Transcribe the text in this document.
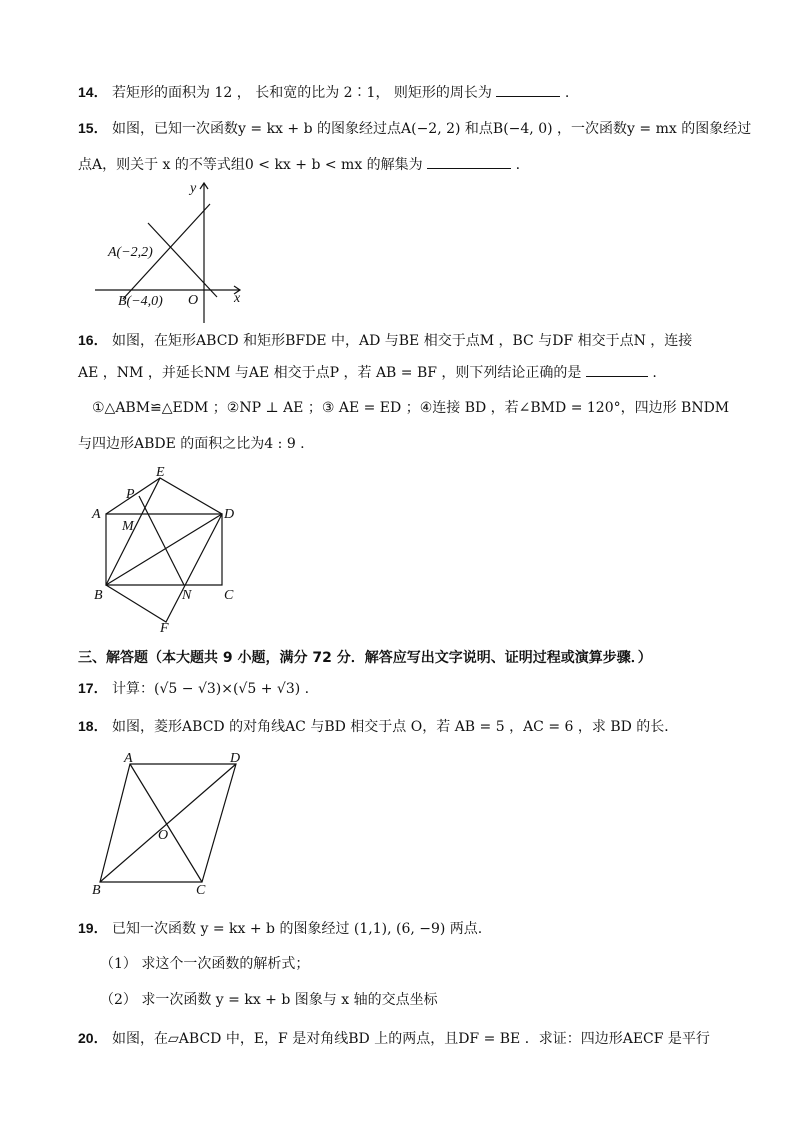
14． 若矩形的面积为 12 ， 长和宽的比为 2∶1， 则矩形的周长为	.
15． 如图，已知一次函数y = kx + b 的图象经过点A(−2, 2) 和点B(−4, 0) ，一次函数y = mx 的图象经过
点A，则关于 x 的不等式组0 < kx + b < mx 的解集为	.
A(−2,2)
B(−4,0) O	x
y
16． 如图，在矩形ABCD 和矩形BFDE 中，AD 与BE 相交于点M ，BC 与DF 相交于点N ，连接
AE ，NM ，并延长NM 与AE 相交于点P ，若 AB = BF ，则下列结论正确的是	.
①△ABM≌△EDM ；②NP ⊥ AE ；③ AE = ED ；④连接 BD ，若∠BMD = 120°，四边形 BNDM
与四边形ABDE 的面积之比为4 : 9 .
A
B	C
D
E
F
M
N
P
三、解答题（本大题共 9 小题，满分 72 分．解答应写出文字说明、证明过程或演算步骤．）
17． 计算：(√5 − √3)×(√5 + √3) .
18． 如图，菱形ABCD 的对角线AC 与BD 相交于点 O，若 AB = 5 ，AC = 6 ，求 BD 的长．
A
B	C
D
O
19． 已知一次函数 y = kx + b 的图象经过 (1,1), (6, −9) 两点.
（1） 求这个一次函数的解析式；
（2） 求一次函数 y = kx + b 图象与 x 轴的交点坐标
20． 如图，在▱ABCD 中，E，F 是对角线BD 上的两点，且DF = BE ．求证：四边形AECF 是平行
